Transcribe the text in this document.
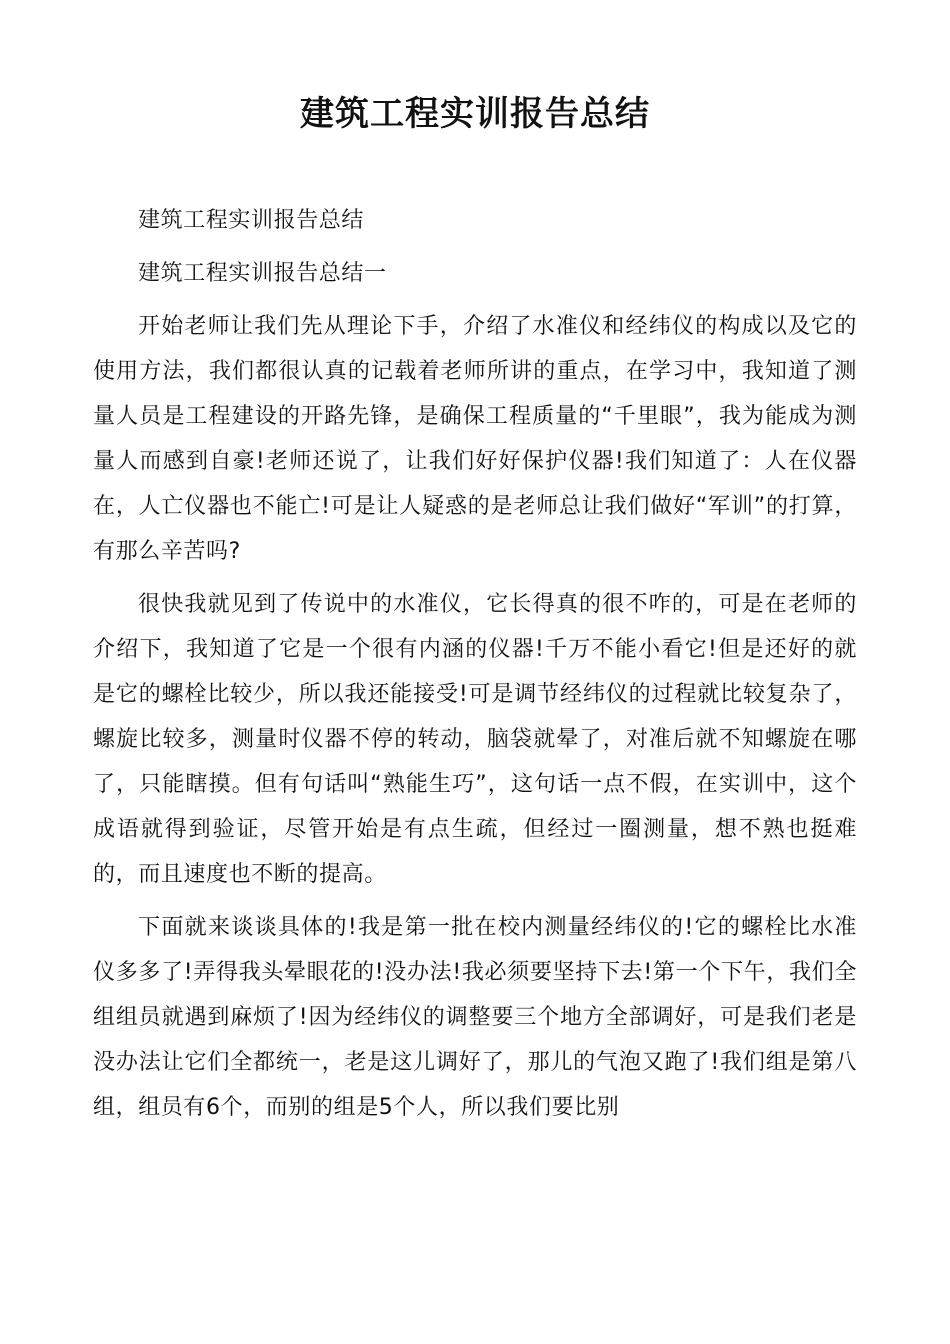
建筑工程实训报告总结

建筑工程实训报告总结

建筑工程实训报告总结一

开始老师让我们先从理论下手，介绍了水准仪和经纬仪的构成以及它的使用方法，我们都很认真的记载着老师所讲的重点，在学习中，我知道了测量人员是工程建设的开路先锋，是确保工程质量的“千里眼”，我为能成为测量人而感到自豪!老师还说了，让我们好好保护仪器!我们知道了：人在仪器在，人亡仪器也不能亡!可是让人疑惑的是老师总让我们做好“军训”的打算，有那么辛苦吗?

很快我就见到了传说中的水准仪，它长得真的很不咋的，可是在老师的介绍下，我知道了它是一个很有内涵的仪器!千万不能小看它!但是还好的就是它的螺栓比较少，所以我还能接受!可是调节经纬仪的过程就比较复杂了，螺旋比较多，测量时仪器不停的转动，脑袋就晕了，对准后就不知螺旋在哪了，只能瞎摸。但有句话叫“熟能生巧”，这句话一点不假，在实训中，这个成语就得到验证，尽管开始是有点生疏，但经过一圈测量，想不熟也挺难的，而且速度也不断的提高。

下面就来谈谈具体的!我是第一批在校内测量经纬仪的!它的螺栓比水准仪多多了!弄得我头晕眼花的!没办法!我必须要坚持下去!第一个下午，我们全组组员就遇到麻烦了!因为经纬仪的调整要三个地方全部调好，可是我们老是没办法让它们全都统一，老是这儿调好了，那儿的气泡又跑了!我们组是第八组，组员有6个，而别的组是5个人，所以我们要比别
